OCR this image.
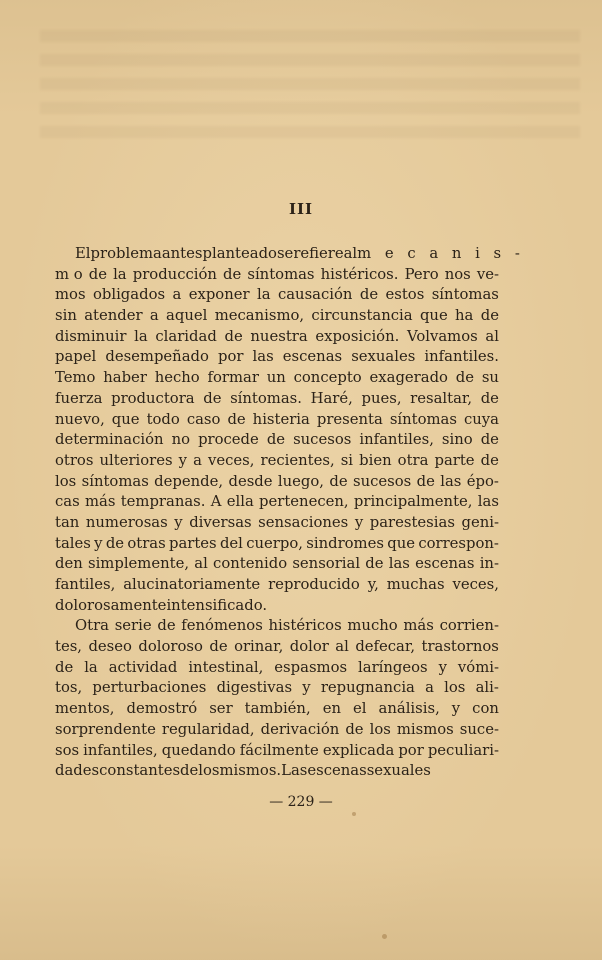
III
El problema antes planteado se refiere al m e c a n i s -
m o de la producción de síntomas histéricos. Pero nos ve-
mos obligados a exponer la causación de estos síntomas
sin atender a aquel mecanismo, circunstancia que ha de
disminuir la claridad de nuestra exposición. Volvamos al
papel desempeñado por las escenas sexuales infantiles.
Temo haber hecho formar un concepto exagerado de su
fuerza productora de síntomas. Haré, pues, resaltar, de
nuevo, que todo caso de histeria presenta síntomas cuya
determinación no procede de sucesos infantiles, sino de
otros ulteriores y a veces, recientes, si bien otra parte de
los síntomas depende, desde luego, de sucesos de las épo-
cas más tempranas. A ella pertenecen, principalmente, las
tan numerosas y diversas sensaciones y parestesias geni-
tales y de otras partes del cuerpo, sindromes que correspon-
den simplemente, al contenido sensorial de las escenas in-
fantiles, alucinatoriamente reproducido y, muchas veces,
dolorosamente intensificado.
Otra serie de fenómenos histéricos mucho más corrien-
tes, deseo doloroso de orinar, dolor al defecar, trastornos
de la actividad intestinal, espasmos laríngeos y vómi-
tos, perturbaciones digestivas y repugnancia a los ali-
mentos, demostró ser también, en el análisis, y con
sorprendente regularidad, derivación de los mismos suce-
sos infantiles, quedando fácilmente explicada por peculiari-
dades constantes de los mismos. Las escenas sexuales
— 229 —
